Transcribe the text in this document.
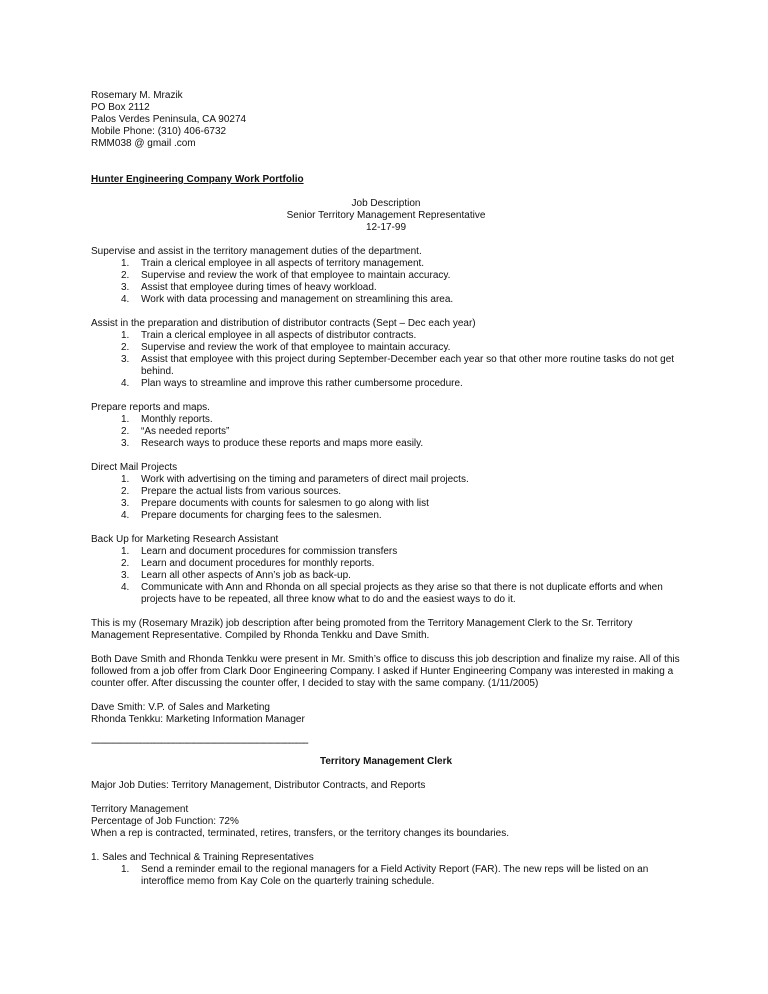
Rosemary M. Mrazik

PO Box 2112

Palos Verdes Peninsula, CA 90274

Mobile Phone: (310) 406-6732

RMM038 @ gmail .com

Hunter Engineering Company Work Portfolio

Job Description

Senior Territory Management Representative

12-17-99

Supervise and assist in the territory management duties of the department.

1.	Train a clerical employee in all aspects of territory management.
2.	Supervise and review the work of that employee to maintain accuracy.
3.	Assist that employee during times of heavy workload.
4.	Work with data processing and management on streamlining this area.

Assist in the preparation and distribution of distributor contracts (Sept – Dec each year)

1.	Train a clerical employee in all aspects of distributor contracts.
2.	Supervise and review the work of that employee to maintain accuracy.
3.	Assist that employee with this project during September-December each year so that other more routine tasks do not get behind.
4.	Plan ways to streamline and improve this rather cumbersome procedure.

Prepare reports and maps.

1.	Monthly reports.
2.	“As needed reports”
3.	Research ways to produce these reports and maps more easily.

Direct Mail Projects

1.	Work with advertising on the timing and parameters of direct mail projects.
2.	Prepare the actual lists from various sources.
3.	Prepare documents with counts for salesmen to go along with list
4.	Prepare documents for charging fees to the salesmen.

Back Up for Marketing Research Assistant

1.	Learn and document procedures for commission transfers
2.	Learn and document procedures for monthly reports.
3.	Learn all other aspects of Ann’s job as back-up.
4.	Communicate with Ann and Rhonda on all special projects as they arise so that there is not duplicate efforts and when projects have to be repeated, all three know what to do and the easiest ways to do it.

This is my (Rosemary Mrazik) job description after being promoted from the Territory Management Clerk to the Sr. Territory Management Representative. Compiled by Rhonda Tenkku and Dave Smith.

Both Dave Smith and Rhonda Tenkku were present in Mr. Smith’s office to discuss this job description and finalize my raise. All of this followed from a job offer from Clark Door Engineering Company. I asked if Hunter Engineering Company was interested in making a counter offer. After discussing the counter offer, I decided to stay with the same company. (1/11/2005)

Dave Smith: V.P. of Sales and Marketing

Rhonda Tenkku: Marketing Information Manager

---------------------------------------------------------------------------------------------

Territory Management Clerk

Major Job Duties: Territory Management, Distributor Contracts, and Reports

Territory Management

Percentage of Job Function: 72%

When a rep is contracted, terminated, retires, transfers, or the territory changes its boundaries.

1. Sales and Technical & Training Representatives

1.	Send a reminder email to the regional managers for a Field Activity Report (FAR). The new reps will be listed on an interoffice memo from Kay Cole on the quarterly training schedule.
